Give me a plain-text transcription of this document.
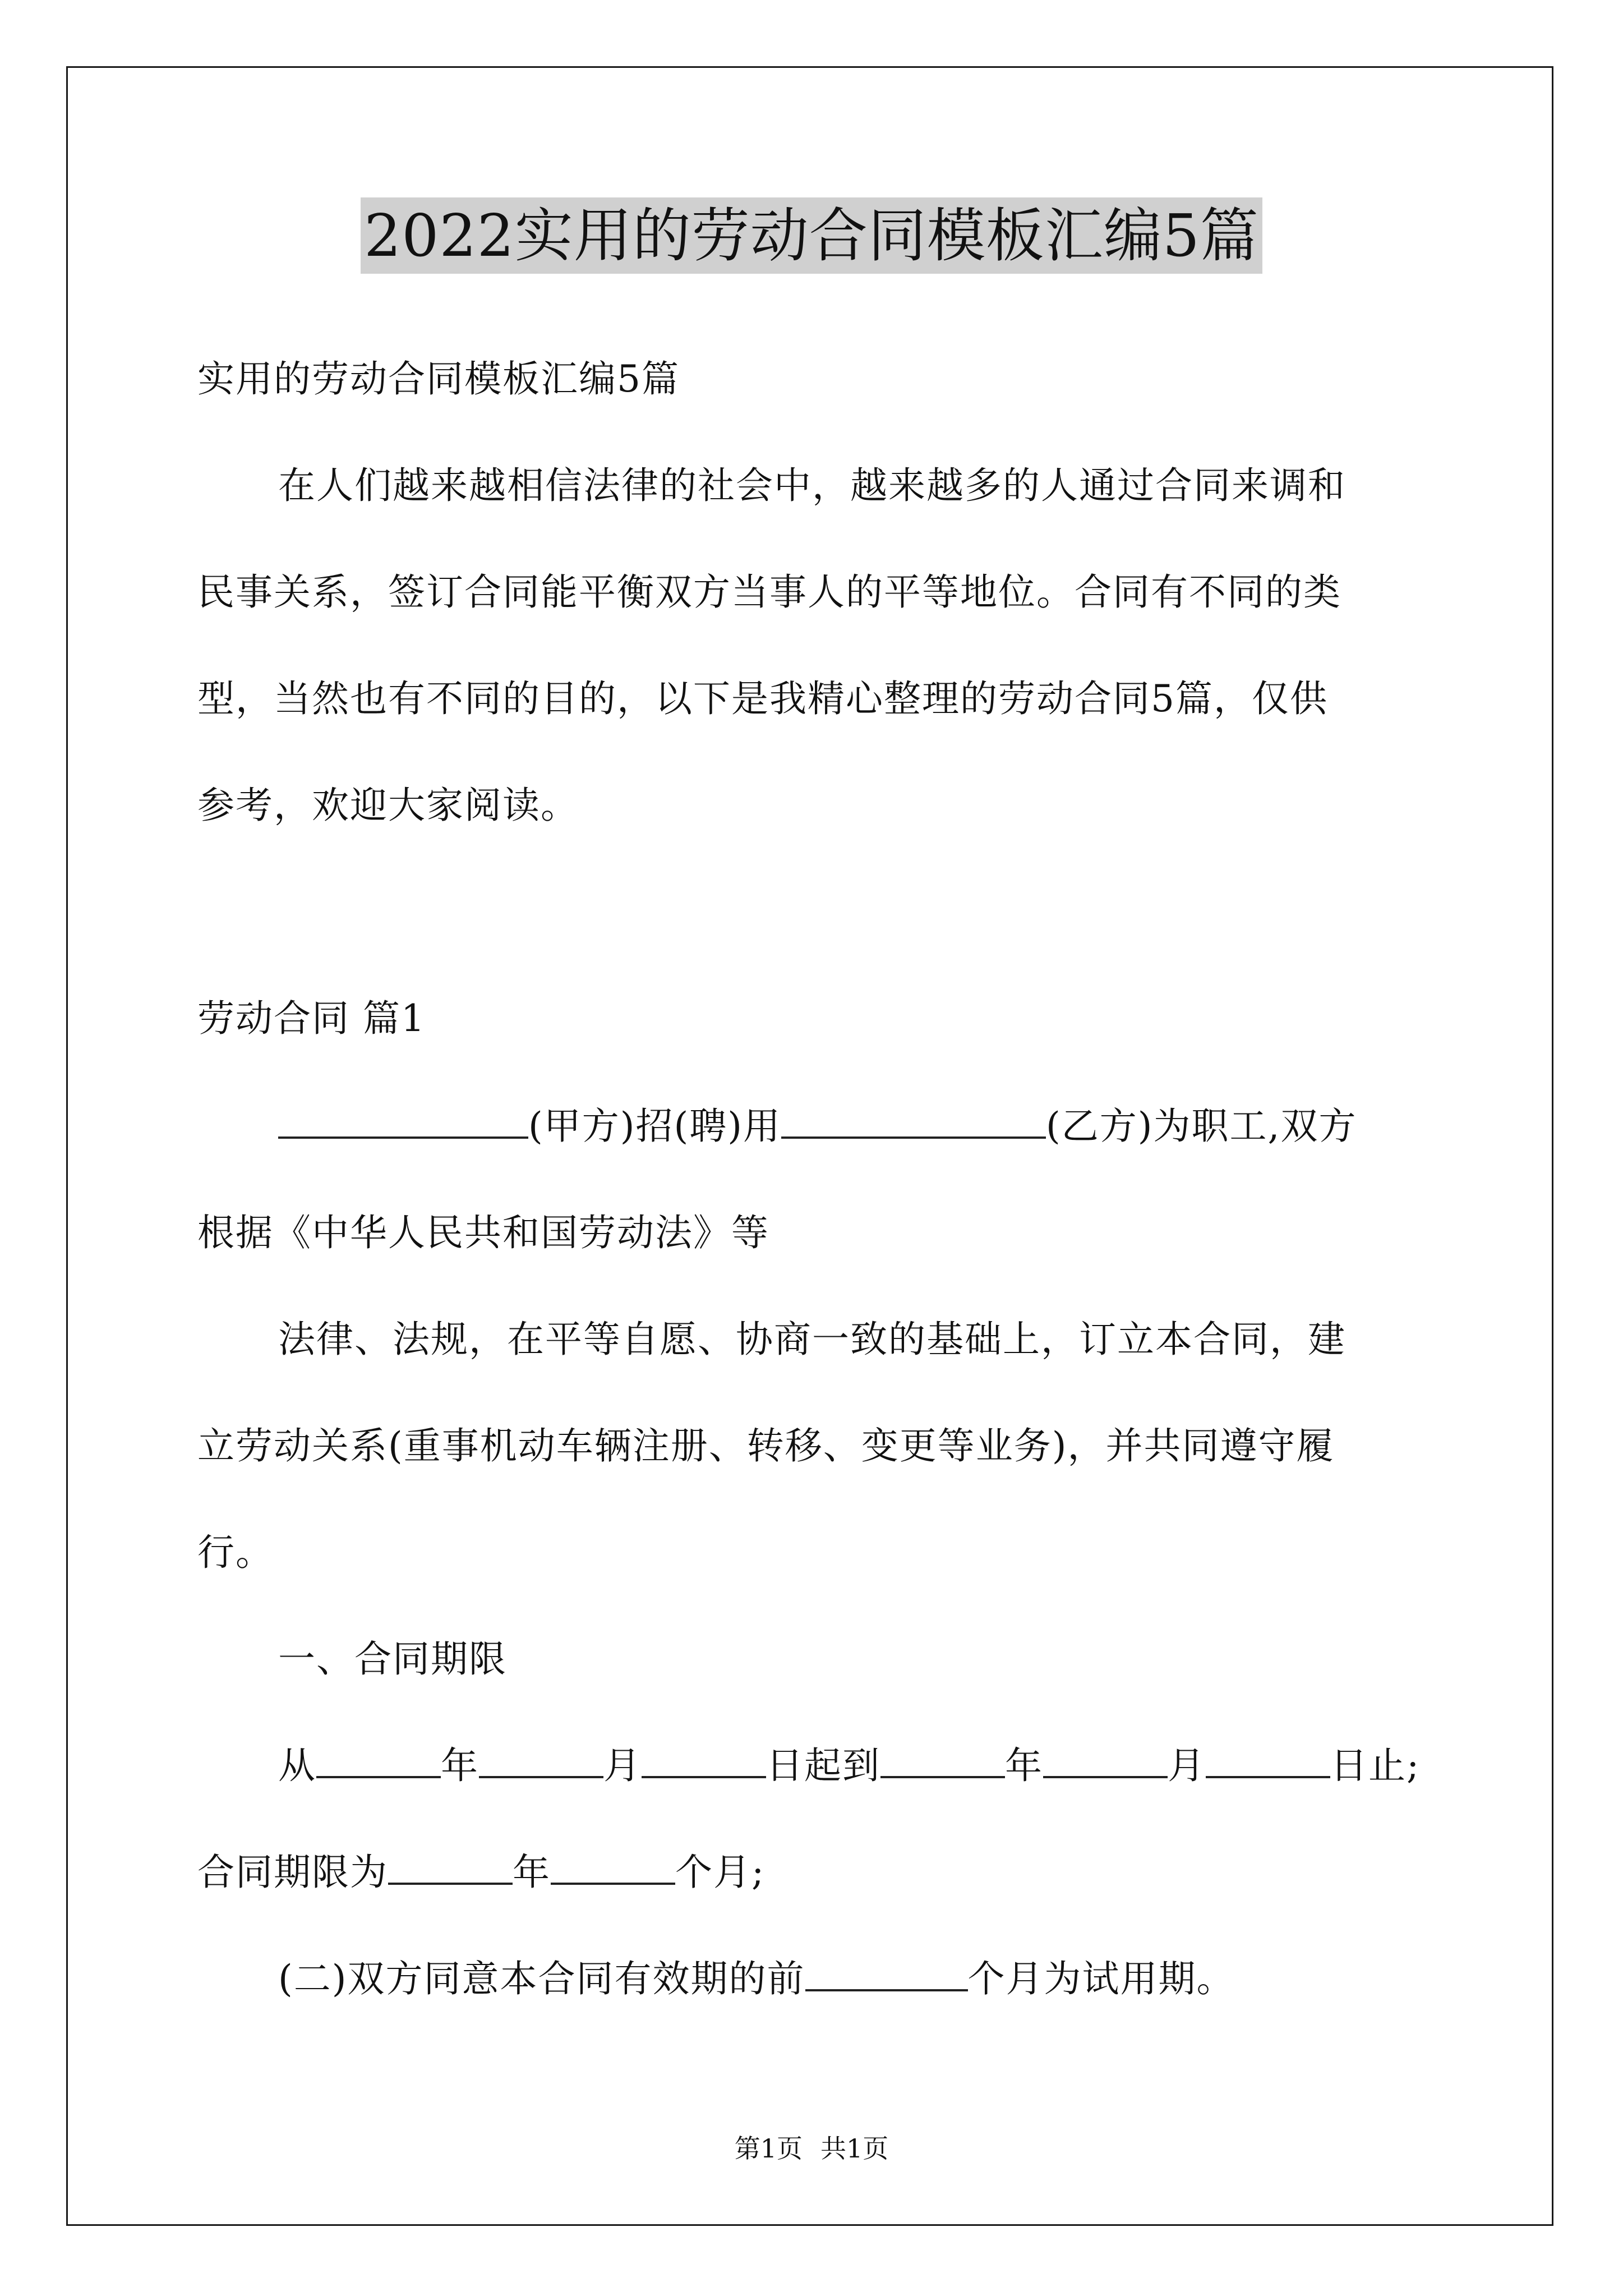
2022实用的劳动合同模板汇编5篇
实用的劳动合同模板汇编5篇
在人们越来越相信法律的社会中，越来越多的人通过合同来调和
民事关系，签订合同能平衡双方当事人的平等地位。合同有不同的类
型，当然也有不同的目的，以下是我精心整理的劳动合同5篇，仅供
参考，欢迎大家阅读。
劳动合同 篇1
(甲方)招(聘)用	(乙方)为职工,双方
根据《中华人民共和国劳动法》等
法律、法规，在平等自愿、协商一致的基础上，订立本合同，建
立劳动关系(重事机动车辆注册、转移、变更等业务)，并共同遵守履
行。
一、合同期限
从	年	月	日起到	年	月	日止;
合同期限为	年	个月;
(二)双方同意本合同有效期的前	个月为试用期。
第1页 共1页
